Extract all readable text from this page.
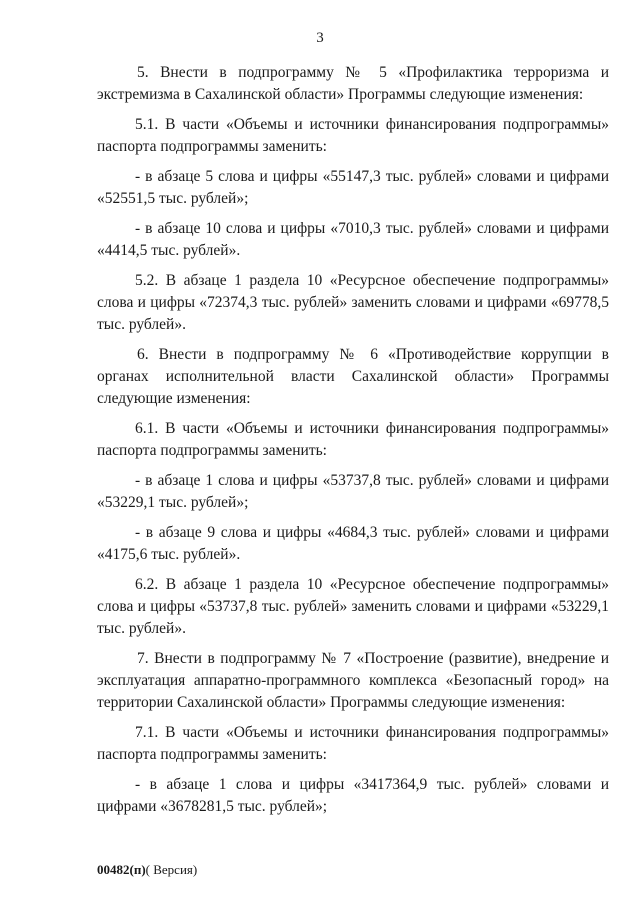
3

5. Внести в подпрограмму № 5 «Профилактика терроризма и экстремизма в Сахалинской области» Программы следующие изменения:

5.1. В части «Объемы и источники финансирования подпрограммы» паспорта подпрограммы заменить:

- в абзаце 5 слова и цифры «55147,3 тыс. рублей» словами и цифрами «52551,5 тыс. рублей»;

- в абзаце 10 слова и цифры «7010,3 тыс. рублей» словами и цифрами «4414,5 тыс. рублей».

5.2. В абзаце 1 раздела 10 «Ресурсное обеспечение подпрограммы» слова и цифры «72374,3 тыс. рублей» заменить словами и цифрами «69778,5 тыс. рублей».

6. Внести в подпрограмму № 6 «Противодействие коррупции в органах исполнительной власти Сахалинской области» Программы следующие изменения:

6.1. В части «Объемы и источники финансирования подпрограммы» паспорта подпрограммы заменить:

- в абзаце 1 слова и цифры «53737,8 тыс. рублей» словами и цифрами «53229,1 тыс. рублей»;

- в абзаце 9 слова и цифры «4684,3 тыс. рублей» словами и цифрами «4175,6 тыс. рублей».

6.2. В абзаце 1 раздела 10 «Ресурсное обеспечение подпрограммы» слова и цифры «53737,8 тыс. рублей» заменить словами и цифрами «53229,1 тыс. рублей».

7. Внести в подпрограмму № 7 «Построение (развитие), внедрение и эксплуатация аппаратно-программного комплекса «Безопасный город» на территории Сахалинской области» Программы следующие изменения:

7.1. В части «Объемы и источники финансирования подпрограммы» паспорта подпрограммы заменить:

- в абзаце 1 слова и цифры «3417364,9 тыс. рублей» словами и цифрами «3678281,5 тыс. рублей»;

00482(п)( Версия)
